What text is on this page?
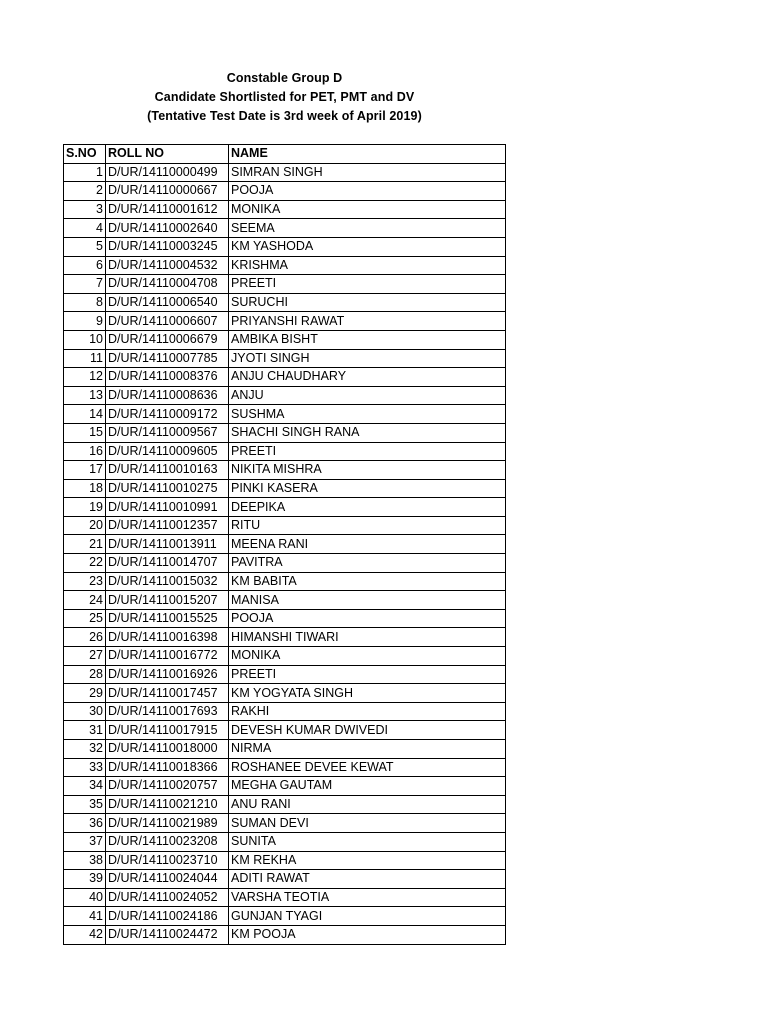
Constable Group D
Candidate Shortlisted for PET, PMT and DV
(Tentative Test Date is 3rd week of April 2019)
S.NO	ROLL NO	NAME
1	D/UR/14110000499	SIMRAN SINGH
2	D/UR/14110000667	POOJA
3	D/UR/14110001612	MONIKA
4	D/UR/14110002640	SEEMA
5	D/UR/14110003245	KM YASHODA
6	D/UR/14110004532	KRISHMA
7	D/UR/14110004708	PREETI
8	D/UR/14110006540	SURUCHI
9	D/UR/14110006607	PRIYANSHI RAWAT
10	D/UR/14110006679	AMBIKA BISHT
11	D/UR/14110007785	JYOTI SINGH
12	D/UR/14110008376	ANJU CHAUDHARY
13	D/UR/14110008636	ANJU
14	D/UR/14110009172	SUSHMA
15	D/UR/14110009567	SHACHI SINGH RANA
16	D/UR/14110009605	PREETI
17	D/UR/14110010163	NIKITA MISHRA
18	D/UR/14110010275	PINKI KASERA
19	D/UR/14110010991	DEEPIKA
20	D/UR/14110012357	RITU
21	D/UR/14110013911	MEENA RANI
22	D/UR/14110014707	PAVITRA
23	D/UR/14110015032	KM BABITA
24	D/UR/14110015207	MANISA
25	D/UR/14110015525	POOJA
26	D/UR/14110016398	HIMANSHI TIWARI
27	D/UR/14110016772	MONIKA
28	D/UR/14110016926	PREETI
29	D/UR/14110017457	KM YOGYATA SINGH
30	D/UR/14110017693	RAKHI
31	D/UR/14110017915	DEVESH KUMAR DWIVEDI
32	D/UR/14110018000	NIRMA
33	D/UR/14110018366	ROSHANEE DEVEE KEWAT
34	D/UR/14110020757	MEGHA GAUTAM
35	D/UR/14110021210	ANU RANI
36	D/UR/14110021989	SUMAN DEVI
37	D/UR/14110023208	SUNITA
38	D/UR/14110023710	KM REKHA
39	D/UR/14110024044	ADITI RAWAT
40	D/UR/14110024052	VARSHA TEOTIA
41	D/UR/14110024186	GUNJAN TYAGI
42	D/UR/14110024472	KM POOJA
